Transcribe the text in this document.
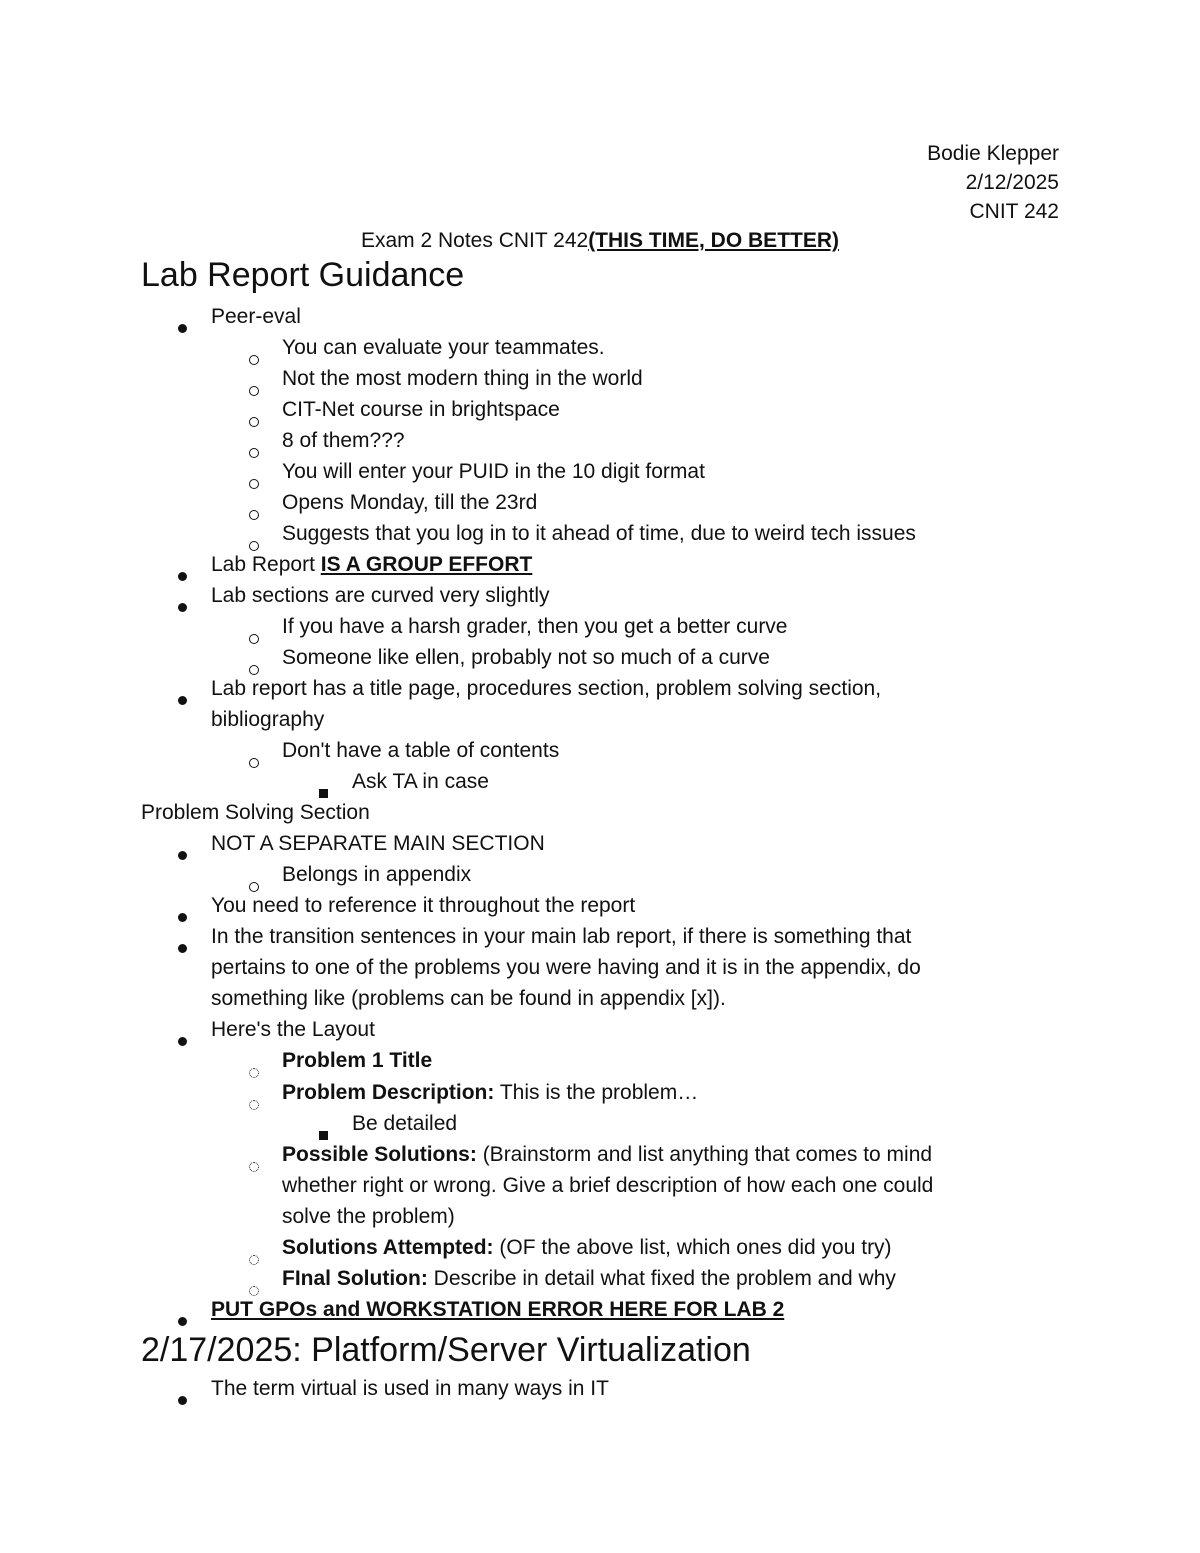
Bodie Klepper
2/12/2025
CNIT 242
Exam 2 Notes CNIT 242(THIS TIME, DO BETTER)
Lab Report Guidance
Peer-eval
You can evaluate your teammates.
Not the most modern thing in the world
CIT-Net course in brightspace
8 of them???
You will enter your PUID in the 10 digit format
Opens Monday, till the 23rd
Suggests that you log in to it ahead of time, due to weird tech issues
Lab Report IS A GROUP EFFORT
Lab sections are curved very slightly
If you have a harsh grader, then you get a better curve
Someone like ellen, probably not so much of a curve
Lab report has a title page, procedures section, problem solving section,
bibliography
Don't have a table of contents
Ask TA in case
Problem Solving Section
NOT A SEPARATE MAIN SECTION
Belongs in appendix
You need to reference it throughout the report
In the transition sentences in your main lab report, if there is something that
pertains to one of the problems you were having and it is in the appendix, do
something like (problems can be found in appendix [x]).
Here's the Layout
Problem 1 Title
Problem Description: This is the problem…
Be detailed
Possible Solutions: (Brainstorm and list anything that comes to mind
whether right or wrong. Give a brief description of how each one could
solve the problem)
Solutions Attempted: (OF the above list, which ones did you try)
FInal Solution: Describe in detail what fixed the problem and why
PUT GPOs and WORKSTATION ERROR HERE FOR LAB 2
2/17/2025: Platform/Server Virtualization
The term virtual is used in many ways in IT
